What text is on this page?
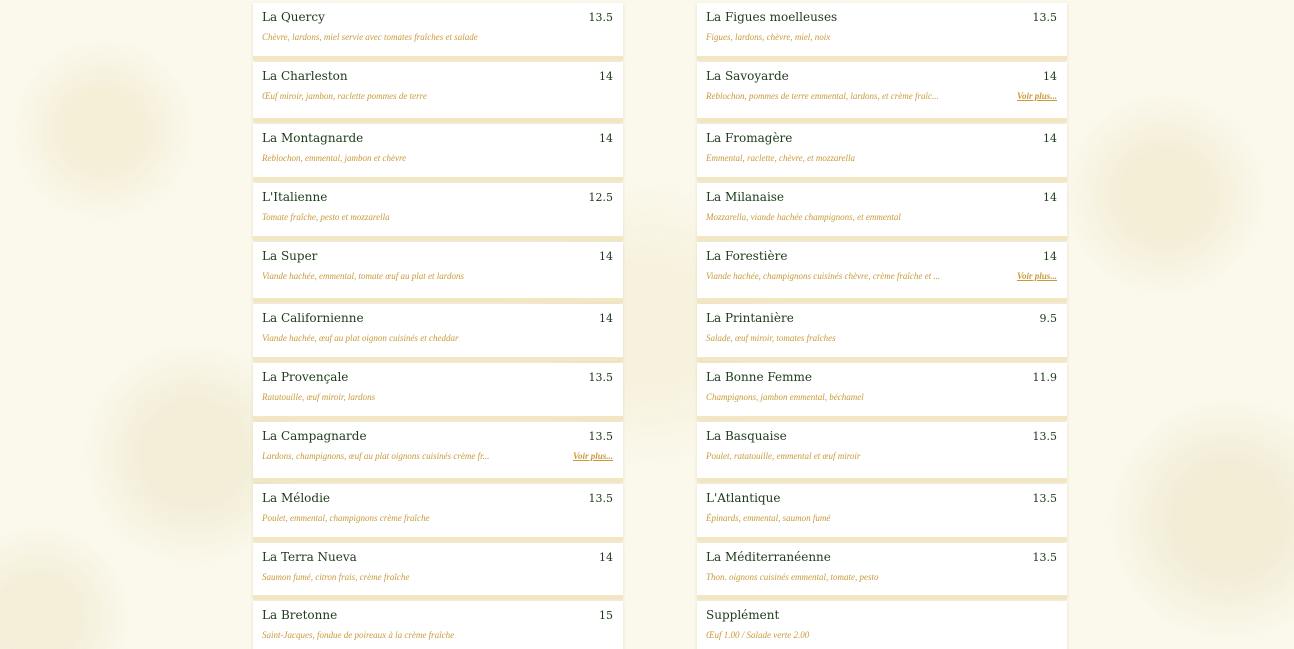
La Quercy	13.5
Chèvre, lardons, miel servie avec tomates fraîches et salade
La Charleston	14
Œuf miroir, jambon, raclette pommes de terre
La Montagnarde	14
Reblochon, emmental, jambon et chèvre
L'Italienne	12.5
Tomate fraîche, pesto et mozzarella
La Super	14
Viande hachée, emmental, tomate œuf au plat et lardons
La Californienne	14
Viande hachée, œuf au plat oignon cuisinés et cheddar
La Provençale	13.5
Ratatouille, œuf miroir, lardons
La Campagnarde	13.5
Lardons, champignons, œuf au plat oignons cuisinés crème fr...	Voir plus...
La Mélodie	13.5
Poulet, emmental, champignons crème fraîche
La Terra Nueva	14
Saumon fumé, citron frais, crème fraîche
La Bretonne	15
Saint-Jacques, fondue de poireaux à la crème fraîche
La Figues moelleuses	13.5
Figues, lardons, chèvre, miel, noix
La Savoyarde	14
Reblochon, pommes de terre emmental, lardons, et crème fraîc...	Voir plus...
La Fromagère	14
Emmental, raclette, chèvre, et mozzarella
La Milanaise	14
Mozzarella, viande hachée champignons, et emmental
La Forestière	14
Viande hachée, champignons cuisinés chèvre, crème fraîche et ...	Voir plus...
La Printanière	9.5
Salade, œuf miroir, tomates fraîches
La Bonne Femme	11.9
Champignons, jambon emmental, béchamel
La Basquaise	13.5
Poulet, ratatouille, emmental et œuf miroir
L'Atlantique	13.5
Épinards, emmental, saumon fumé
La Méditerranéenne	13.5
Thon. oignons cuisinés emmental, tomate, pesto
Supplément
Œuf 1.00 / Salade verte 2.00
